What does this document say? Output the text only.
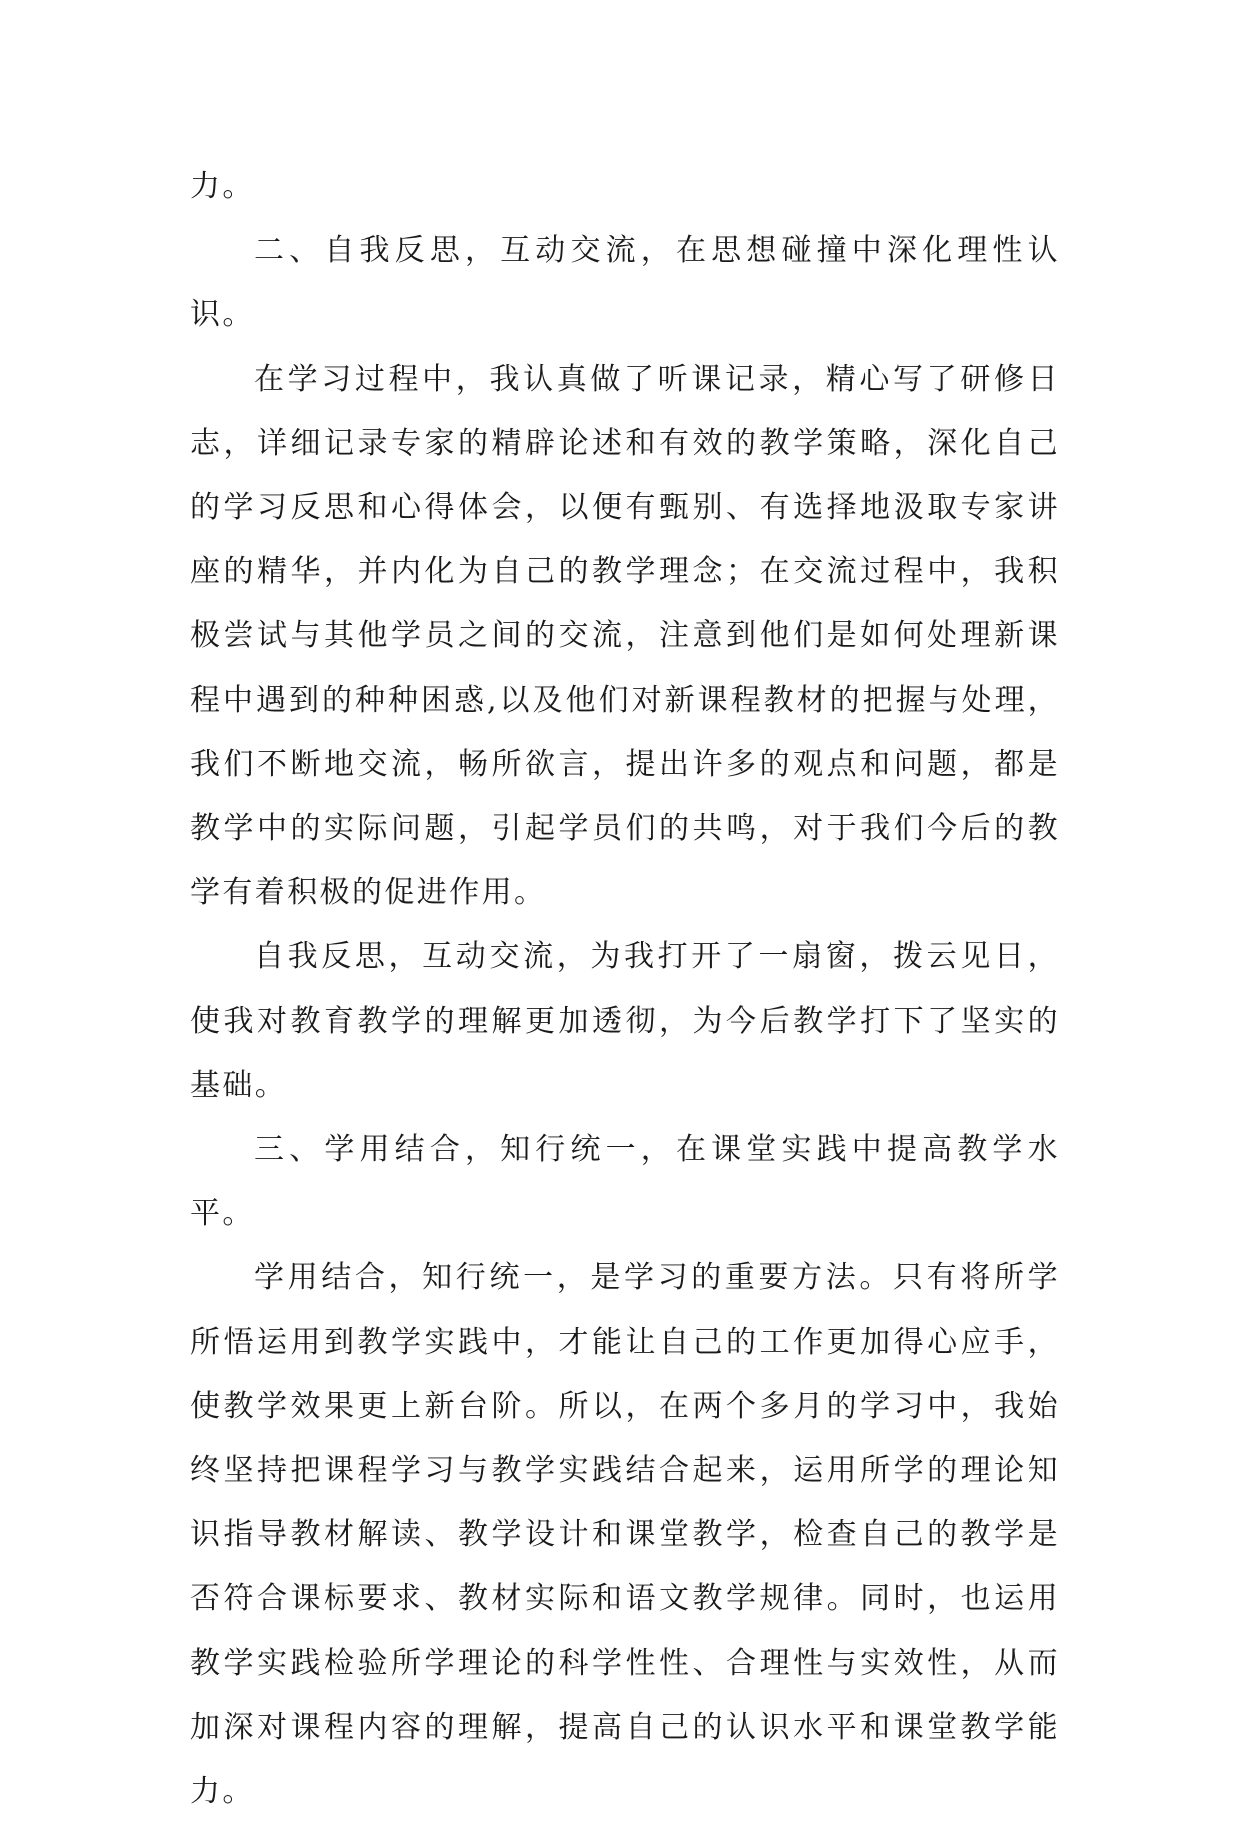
力。

二、自我反思，互动交流，在思想碰撞中深化理性认识。

在学习过程中，我认真做了听课记录，精心写了研修日志，详细记录专家的精辟论述和有效的教学策略，深化自己的学习反思和心得体会，以便有甄别、有选择地汲取专家讲座的精华，并内化为自己的教学理念；在交流过程中，我积极尝试与其他学员之间的交流，注意到他们是如何处理新课程中遇到的种种困惑,以及他们对新课程教材的把握与处理，我们不断地交流，畅所欲言，提出许多的观点和问题，都是教学中的实际问题，引起学员们的共鸣，对于我们今后的教学有着积极的促进作用。

自我反思，互动交流，为我打开了一扇窗，拨云见日，使我对教育教学的理解更加透彻，为今后教学打下了坚实的基础。

三、学用结合，知行统一，在课堂实践中提高教学水平。

学用结合，知行统一，是学习的重要方法。只有将所学所悟运用到教学实践中，才能让自己的工作更加得心应手，使教学效果更上新台阶。所以，在两个多月的学习中，我始终坚持把课程学习与教学实践结合起来，运用所学的理论知识指导教材解读、教学设计和课堂教学，检查自己的教学是否符合课标要求、教材实际和语文教学规律。同时，也运用教学实践检验所学理论的科学性性、合理性与实效性，从而加深对课程内容的理解，提高自己的认识水平和课堂教学能力。
